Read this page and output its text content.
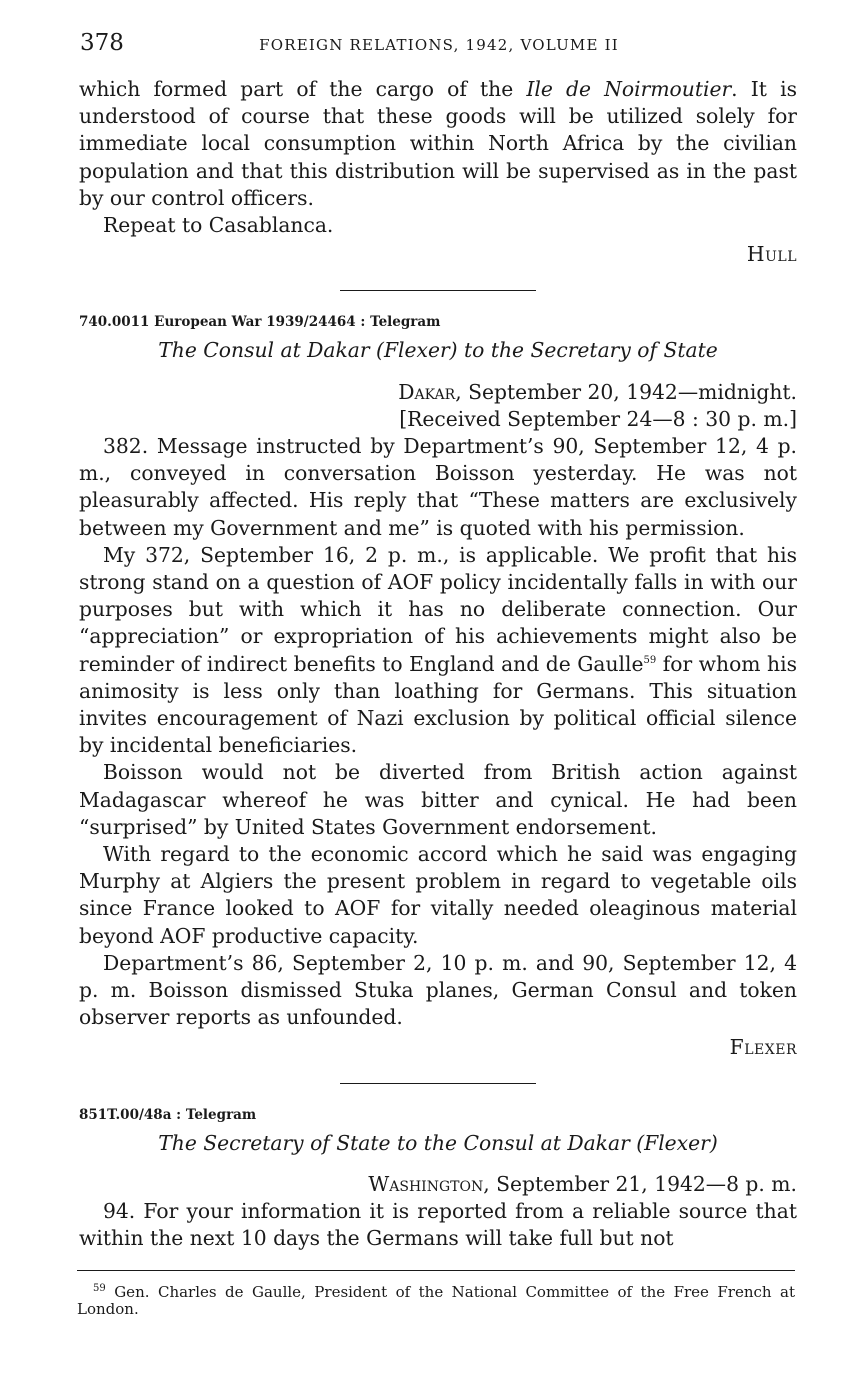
378	FOREIGN RELATIONS, 1942, VOLUME II

which formed part of the cargo of the Ile de Noirmoutier. It is understood of course that these goods will be utilized solely for immediate local consumption within North Africa by the civilian population and that this distribution will be supervised as in the past by our control officers.

Repeat to Casablanca.

Hull

740.0011 European War 1939/24464 : Telegram

The Consul at Dakar (Flexer) to the Secretary of State

Dakar, September 20, 1942—midnight.

[Received September 24—8 : 30 p. m.]

382. Message instructed by Department’s 90, September 12, 4 p. m., conveyed in conversation Boisson yesterday. He was not pleasurably affected. His reply that “These matters are exclusively between my Government and me” is quoted with his permission.

My 372, September 16, 2 p. m., is applicable. We profit that his strong stand on a question of AOF policy incidentally falls in with our purposes but with which it has no deliberate connection. Our “appreciation” or expropriation of his achievements might also be reminder of indirect benefits to England and de Gaulle$^{59}$ for whom his animosity is less only than loathing for Germans. This situation invites encouragement of Nazi exclusion by political official silence by incidental beneficiaries.

Boisson would not be diverted from British action against Madagascar whereof he was bitter and cynical. He had been “surprised” by United States Government endorsement.

With regard to the economic accord which he said was engaging Murphy at Algiers the present problem in regard to vegetable oils since France looked to AOF for vitally needed oleaginous material beyond AOF productive capacity.

Department’s 86, September 2, 10 p. m. and 90, September 12, 4 p. m. Boisson dismissed Stuka planes, German Consul and token observer reports as unfounded.

Flexer

851T.00/48a : Telegram

The Secretary of State to the Consul at Dakar (Flexer)

Washington, September 21, 1942—8 p. m.

94. For your information it is reported from a reliable source that within the next 10 days the Germans will take full but not

$^{59}$ Gen. Charles de Gaulle, President of the National Committee of the Free French at London.
